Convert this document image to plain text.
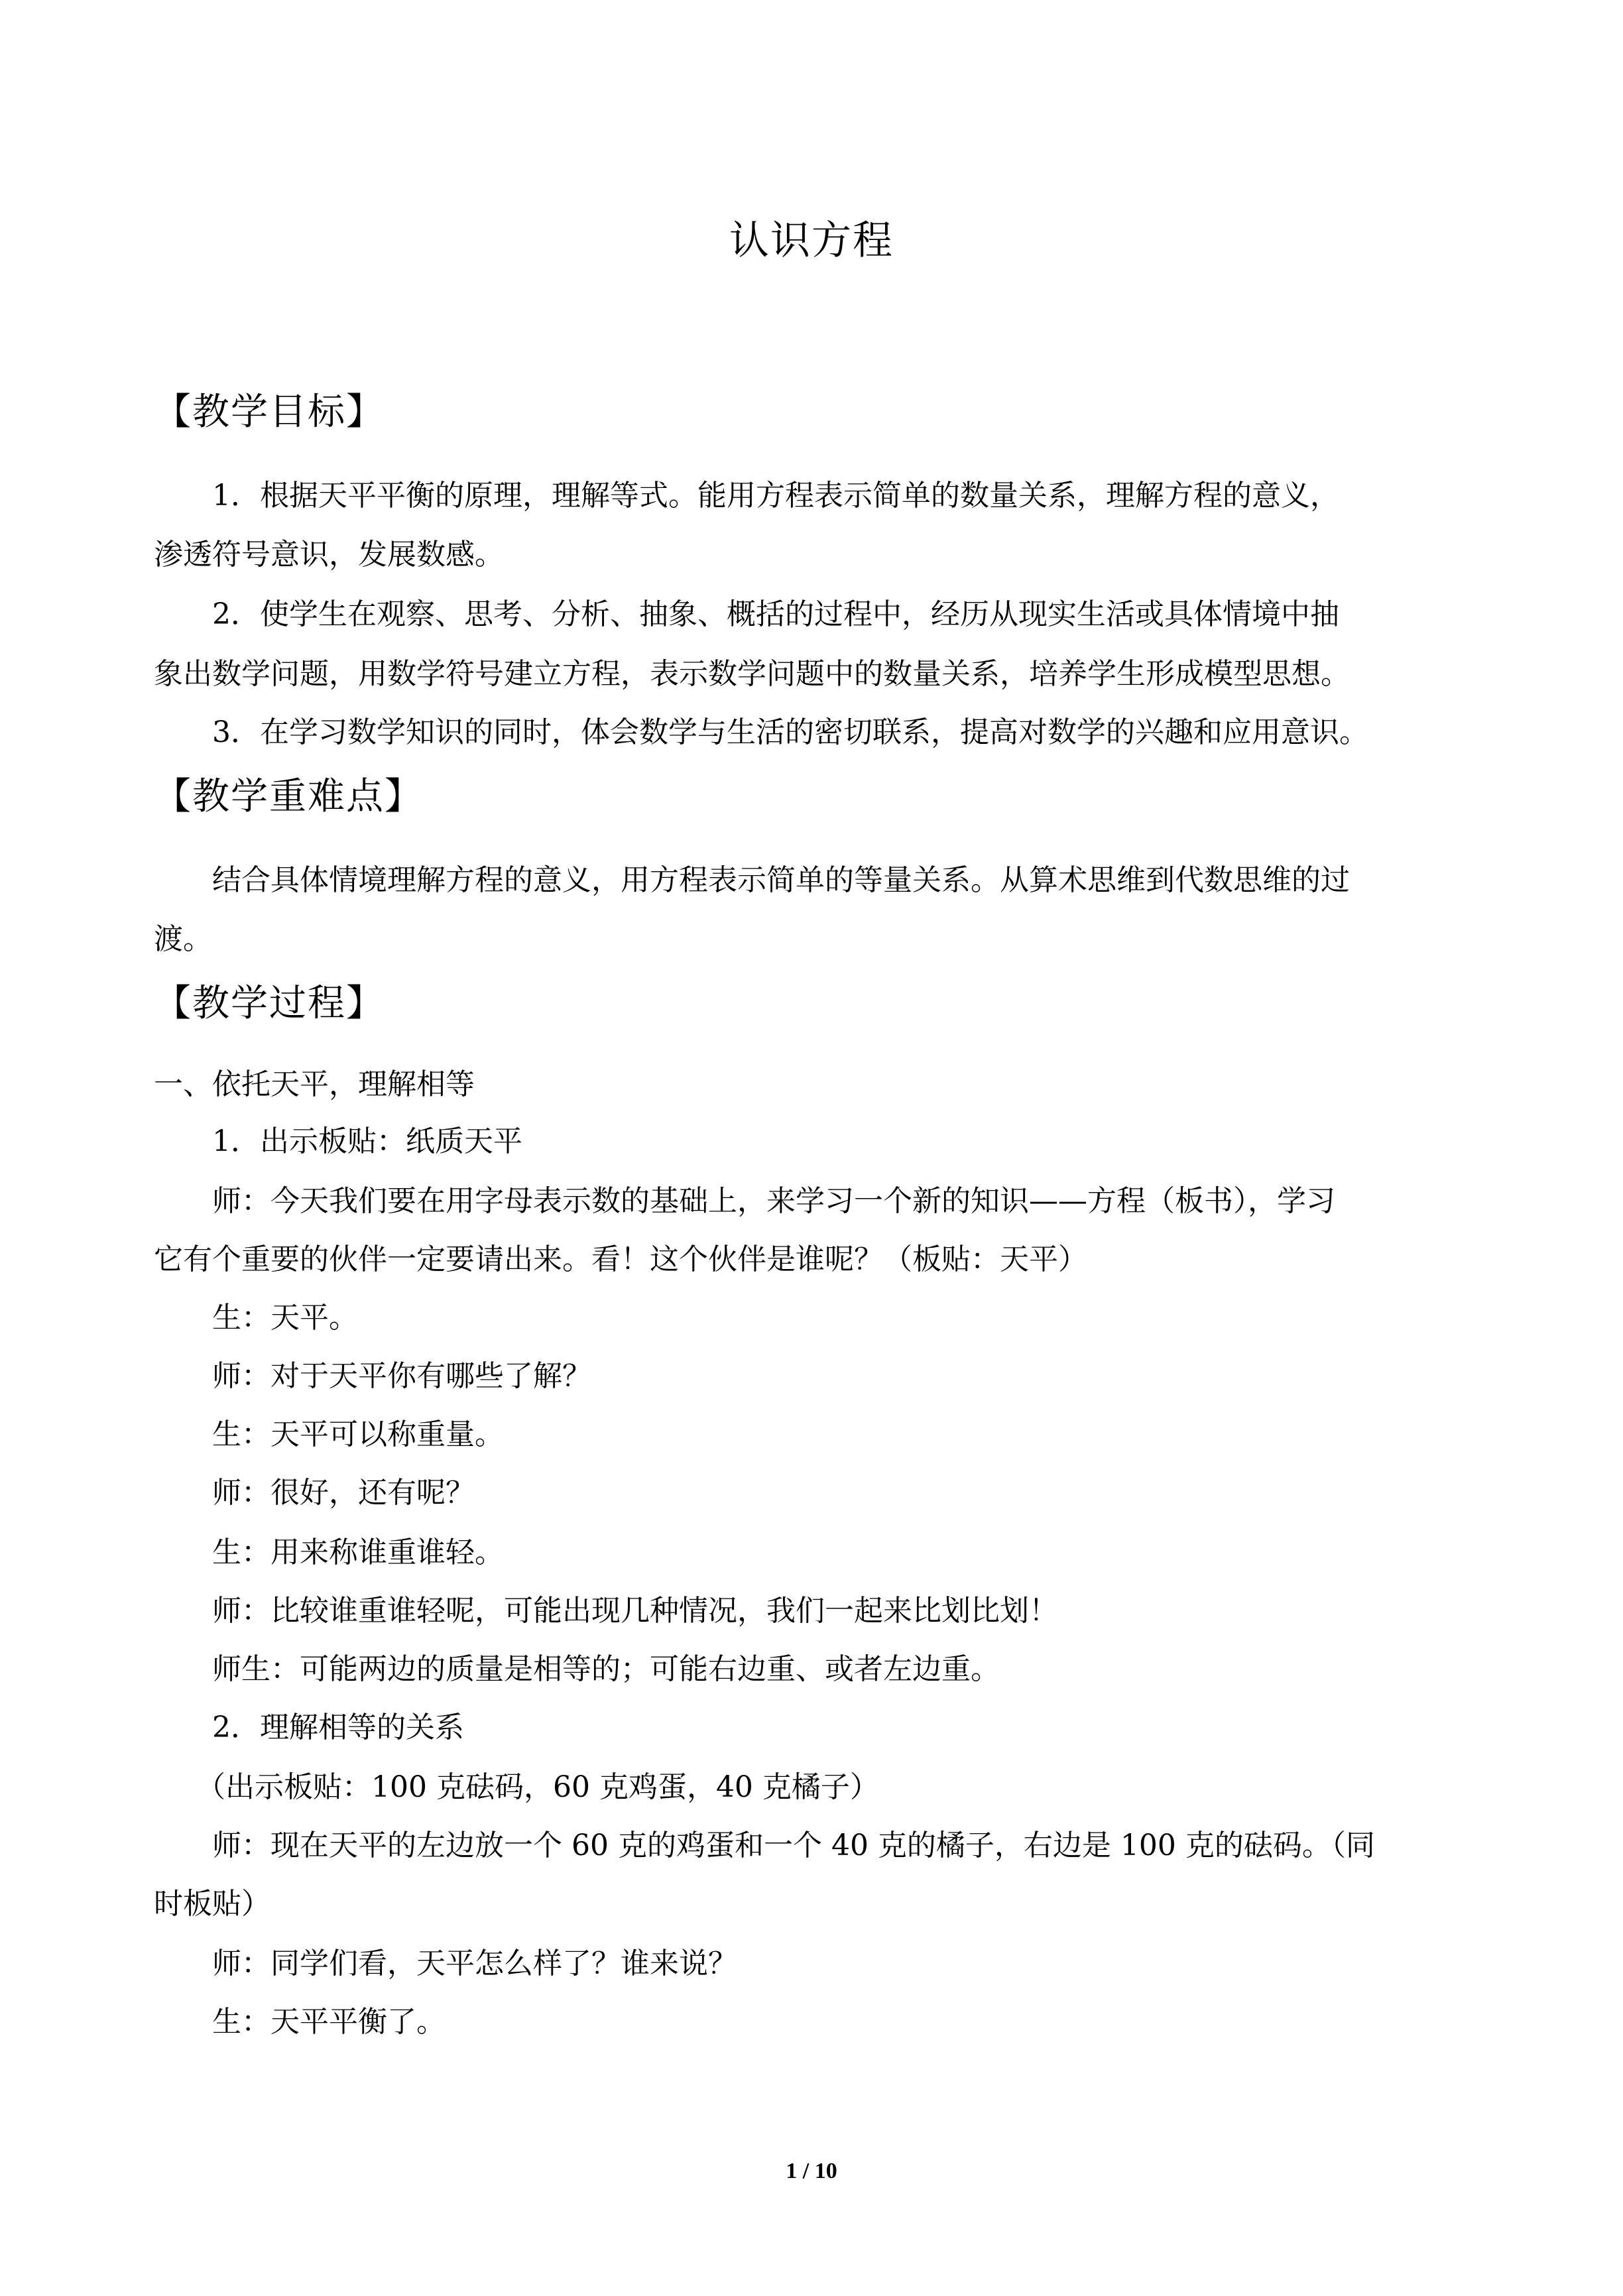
认识方程
【教学目标】
1．根据天平平衡的原理，理解等式。能用方程表示简单的数量关系，理解方程的意义，
渗透符号意识，发展数感。
2．使学生在观察、思考、分析、抽象、概括的过程中，经历从现实生活或具体情境中抽
象出数学问题，用数学符号建立方程，表示数学问题中的数量关系，培养学生形成模型思想。
3．在学习数学知识的同时，体会数学与生活的密切联系，提高对数学的兴趣和应用意识。
【教学重难点】
结合具体情境理解方程的意义，用方程表示简单的等量关系。从算术思维到代数思维的过
渡。
【教学过程】
一、依托天平，理解相等
1．出示板贴：纸质天平
师：今天我们要在用字母表示数的基础上，来学习一个新的知识——方程（板书），学习
它有个重要的伙伴一定要请出来。看！这个伙伴是谁呢？（板贴：天平）
生：天平。
师：对于天平你有哪些了解？
生：天平可以称重量。
师：很好，还有呢？
生：用来称谁重谁轻。
师：比较谁重谁轻呢，可能出现几种情况，我们一起来比划比划！
师生：可能两边的质量是相等的；可能右边重、或者左边重。
2．理解相等的关系
（出示板贴：100 克砝码，60 克鸡蛋，40 克橘子）
师：现在天平的左边放一个 60 克的鸡蛋和一个 40 克的橘子，右边是 100 克的砝码。（同
时板贴）
师：同学们看，天平怎么样了？谁来说？
生：天平平衡了。
1 / 10
